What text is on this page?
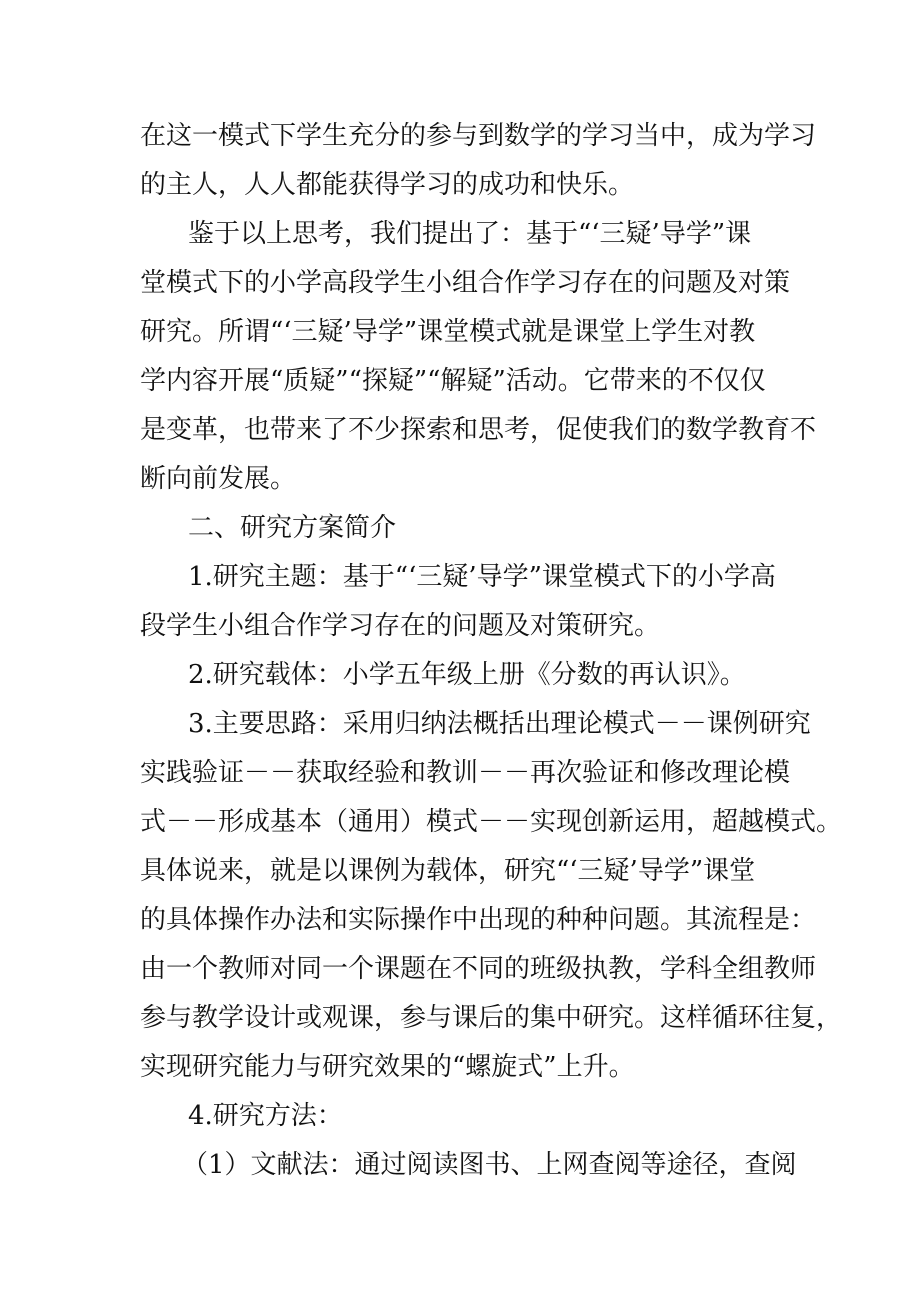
在这一模式下学生充分的参与到数学的学习当中，成为学习
的主人，人人都能获得学习的成功和快乐。
鉴于以上思考，我们提出了：基于“‘三疑’导学”课
堂模式下的小学高段学生小组合作学习存在的问题及对策
研究。所谓“‘三疑’导学”课堂模式就是课堂上学生对教
学内容开展“质疑”“探疑”“解疑”活动。它带来的不仅仅
是变革，也带来了不少探索和思考，促使我们的数学教育不
断向前发展。
二、研究方案简介
1.研究主题：基于“‘三疑’导学”课堂模式下的小学高
段学生小组合作学习存在的问题及对策研究。
2.研究载体：小学五年级上册《分数的再认识》。
3.主要思路：采用归纳法概括出理论模式－－课例研究
实践验证－－获取经验和教训－－再次验证和修改理论模
式－－形成基本（通用）模式－－实现创新运用，超越模式。
具体说来，就是以课例为载体，研究“‘三疑’导学”课堂
的具体操作办法和实际操作中出现的种种问题。其流程是：
由一个教师对同一个课题在不同的班级执教，学科全组教师
参与教学设计或观课，参与课后的集中研究。这样循环往复，
实现研究能力与研究效果的“螺旋式”上升。
4.研究方法：
（1）文献法：通过阅读图书、上网查阅等途径，查阅
